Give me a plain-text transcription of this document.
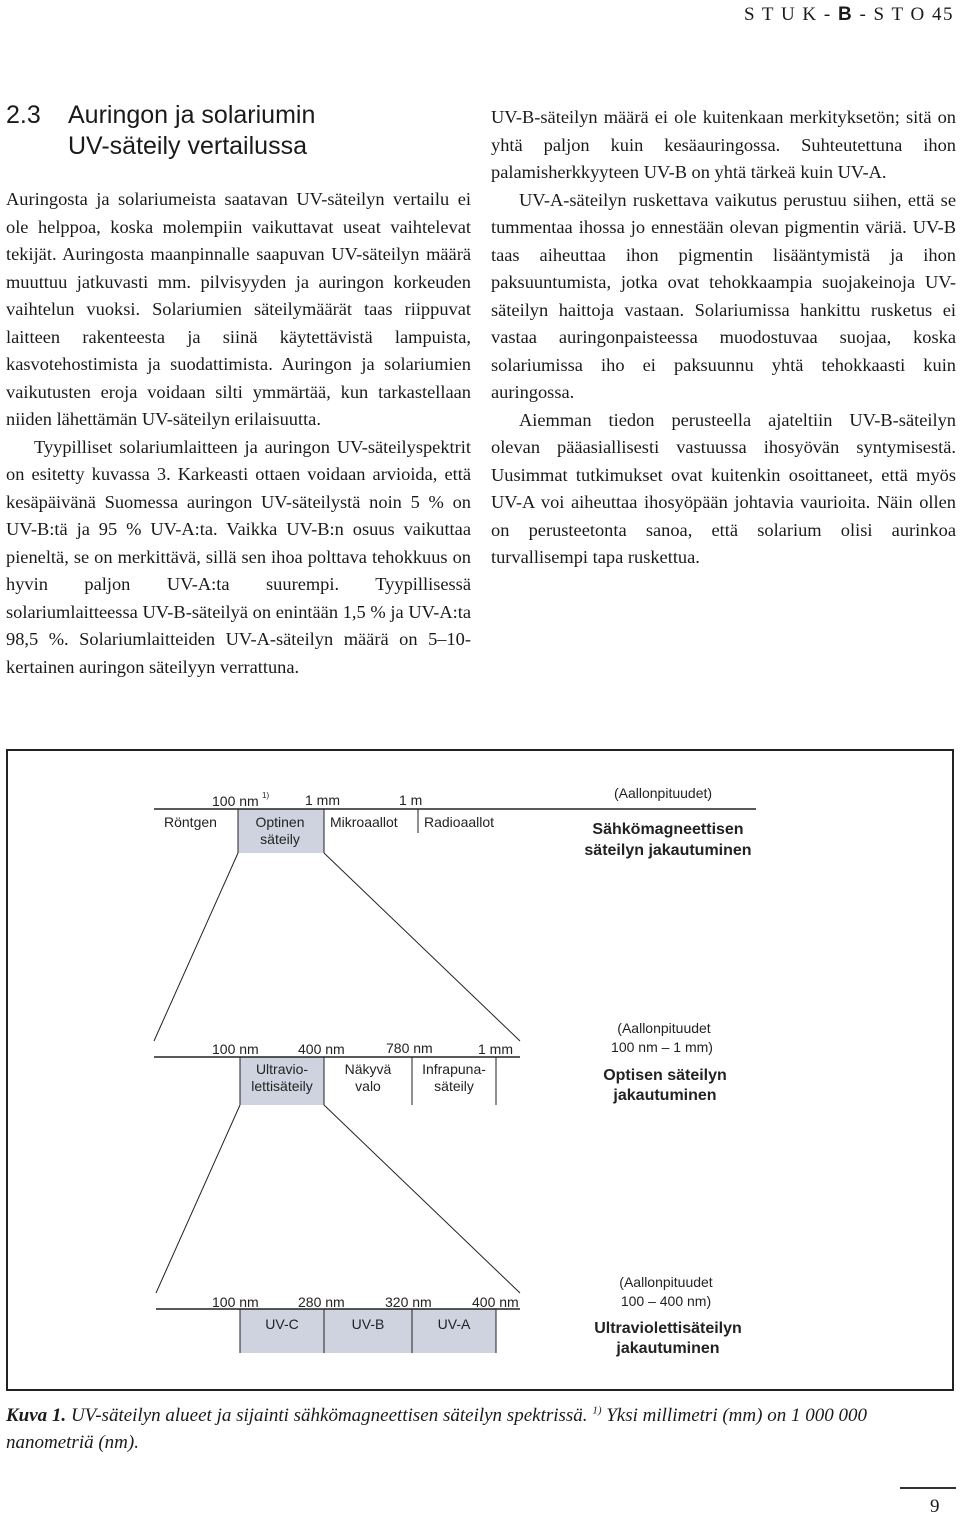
S T U K - B - S T O 45
2.3 Auringon ja solariumin
UV-säteily vertailussa

Auringosta ja solariumeista saatavan UV-säteilyn vertailu ei ole helppoa, koska molempiin vaikuttavat useat vaihtelevat tekijät. Auringosta maanpinnalle saapuvan UV-säteilyn määrä muuttuu jatkuvasti mm. pilvisyyden ja auringon korkeuden vaihtelun vuoksi. Solariumien säteilymäärät taas riippuvat laitteen rakenteesta ja siinä käytettävistä lampuista, kasvotehostimista ja suodattimista. Auringon ja solariumien vaikutusten eroja voidaan silti ymmärtää, kun tarkastellaan niiden lähettämän UV-säteilyn erilaisuutta.

Tyypilliset solariumlaitteen ja auringon UV-säteilyspektrit on esitetty kuvassa 3. Karkeasti ottaen voidaan arvioida, että kesäpäivänä Suomessa auringon UV-säteilystä noin 5 % on UV-B:tä ja 95 % UV-A:ta. Vaikka UV-B:n osuus vaikuttaa pieneltä, se on merkittävä, sillä sen ihoa polttava tehokkuus on hyvin paljon UV-A:ta suurempi. Tyypillisessä solariumlaitteessa UV-B-säteilyä on enintään 1,5 % ja UV-A:ta 98,5 %. Solariumlaitteiden UV-A-säteilyn määrä on 5–10-kertainen auringon säteilyyn verrattuna.

UV-B-säteilyn määrä ei ole kuitenkaan merkityksetön; sitä on yhtä paljon kuin kesäauringossa. Suhteutettuna ihon palamisherkkyyteen UV-B on yhtä tärkeä kuin UV-A.

UV-A-säteilyn ruskettava vaikutus perustuu siihen, että se tummentaa ihossa jo ennestään olevan pigmentin väriä. UV-B taas aiheuttaa ihon pigmentin lisääntymistä ja ihon paksuuntumista, jotka ovat tehokkaampia suojakeinoja UV-säteilyn haittoja vastaan. Solariumissa hankittu rusketus ei vastaa auringonpaisteessa muodostuvaa suojaa, koska solariumissa iho ei paksuunnu yhtä tehokkaasti kuin auringossa.

Aiemman tiedon perusteella ajateltiin UV-B-säteilyn olevan pääasiallisesti vastuussa ihosyövän syntymisestä. Uusimmat tutkimukset ovat kuitenkin osoittaneet, että myös UV-A voi aiheuttaa ihosyöpään johtavia vaurioita. Näin ollen on perusteetonta sanoa, että solarium olisi aurinkoa turvallisempi tapa ruskettua.

100 nm 1)	1 mm	1 m
Röntgen	Optinen säteily
Mikroaallot Radioaallot
(Aallonpituudet)
Sähkömagneettisen
säteilyn jakautuminen
100 nm	400 nm	780 nm	1 mm
Ultravio-
lettisäteily
Näkyvä
valo
Infrapuna-
säteily
(Aallonpituudet
100 nm – 1 mm)
Optisen säteilyn
jakautuminen
100 nm	280 nm	320 nm	400 nm
UV-C	UV-B	UV-A
(Aallonpituudet
100 – 400 nm)
Ultraviolettisäteilyn
jakautuminen
Kuva 1. UV-säteilyn alueet ja sijainti sähkömagneettisen säteilyn spektrissä. $^{1)}$ Yksi millimetri (mm) on 1 000 000 nanometriä (nm).
9
